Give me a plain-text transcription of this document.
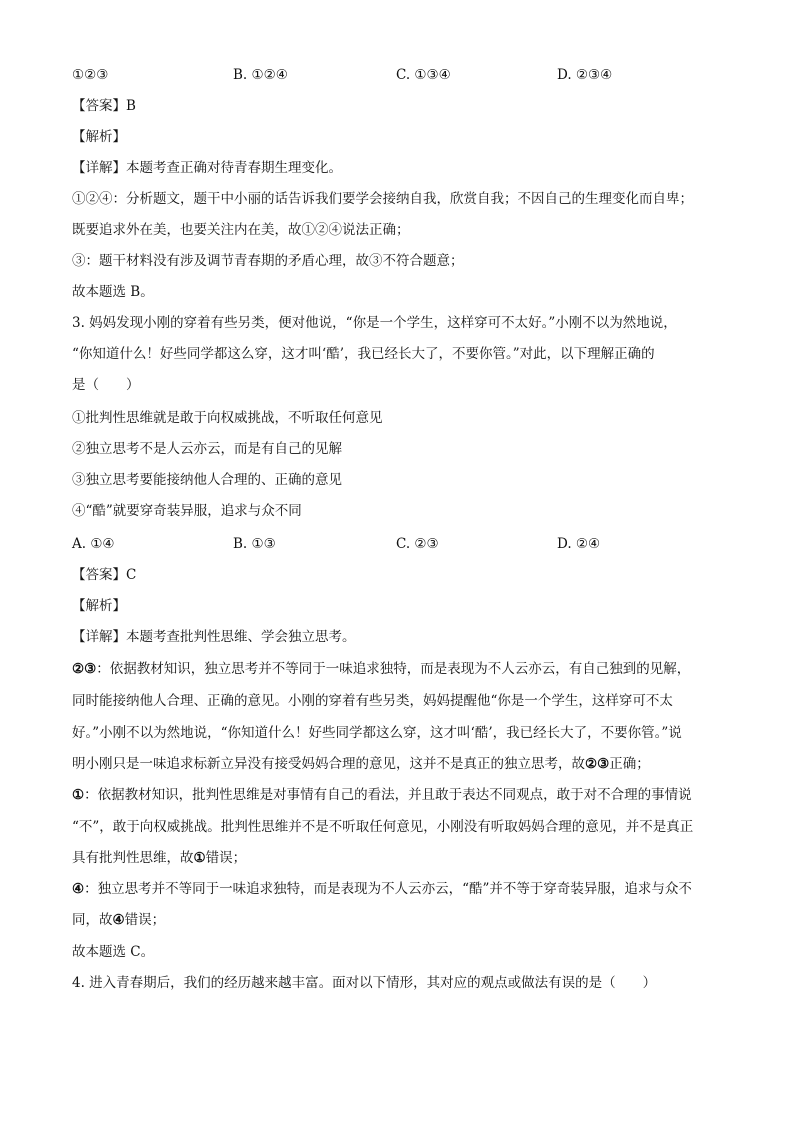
①②③	B. ①②④	C. ①③④	D. ②③④
【答案】B
【解析】
【详解】本题考查正确对待青春期生理变化。
①②④：分析题文，题干中小丽的话告诉我们要学会接纳自我，欣赏自我；不因自己的生理变化而自卑；
既要追求外在美，也要关注内在美，故①②④说法正确；
③：题干材料没有涉及调节青春期的矛盾心理，故③不符合题意；
故本题选 B。
3. 妈妈发现小刚的穿着有些另类，便对他说，“你是一个学生，这样穿可不太好。”小刚不以为然地说，
“你知道什么！好些同学都这么穿，这才叫‘酷’，我已经长大了，不要你管。”对此，以下理解正确的
是（　　）
①批判性思维就是敢于向权威挑战，不听取任何意见
②独立思考不是人云亦云，而是有自己的见解
③独立思考要能接纳他人合理的、正确的意见
④“酷”就要穿奇装异服，追求与众不同
A. ①④	B. ①③	C. ②③	D. ②④
【答案】C
【解析】
【详解】本题考查批判性思维、学会独立思考。
②③：依据教材知识，独立思考并不等同于一味追求独特，而是表现为不人云亦云，有自己独到的见解，
同时能接纳他人合理、正确的意见。小刚的穿着有些另类，妈妈提醒他“你是一个学生，这样穿可不太
好。”小刚不以为然地说，“你知道什么！好些同学都这么穿，这才叫‘酷’，我已经长大了，不要你管。”说
明小刚只是一味追求标新立异没有接受妈妈合理的意见，这并不是真正的独立思考，故②③正确；
①：依据教材知识，批判性思维是对事情有自己的看法，并且敢于表达不同观点，敢于对不合理的事情说
“不”，敢于向权威挑战。批判性思维并不是不听取任何意见，小刚没有听取妈妈合理的意见，并不是真正
具有批判性思维，故①错误；
④：独立思考并不等同于一味追求独特，而是表现为不人云亦云，“酷”并不等于穿奇装异服，追求与众不
同，故④错误；
故本题选 C。
4. 进入青春期后，我们的经历越来越丰富。面对以下情形，其对应的观点或做法有误的是（　　）
